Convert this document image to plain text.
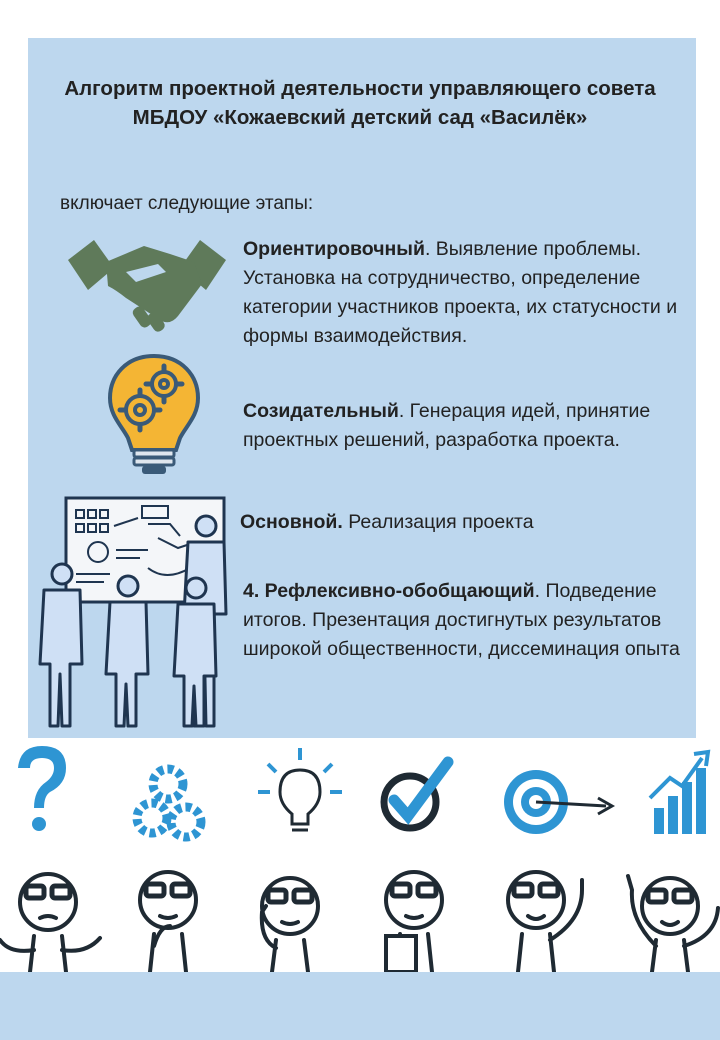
Алгоритм проектной деятельности управляющего совета МБДОУ «Кожаевский детский сад «Василёк»
включает следующие этапы:
Ориентировочный. Выявление проблемы. Установка на сотрудничество, определение категории участников проекта, их статусности и формы взаимодействия.
Созидательный. Генерация идей, принятие проектных решений, разработка проекта.
Основной. Реализация проекта
4. Рефлексивно-обобщающий. Подведение итогов. Презентация достигнутых результатов широкой общественности, диссеминация опыта
